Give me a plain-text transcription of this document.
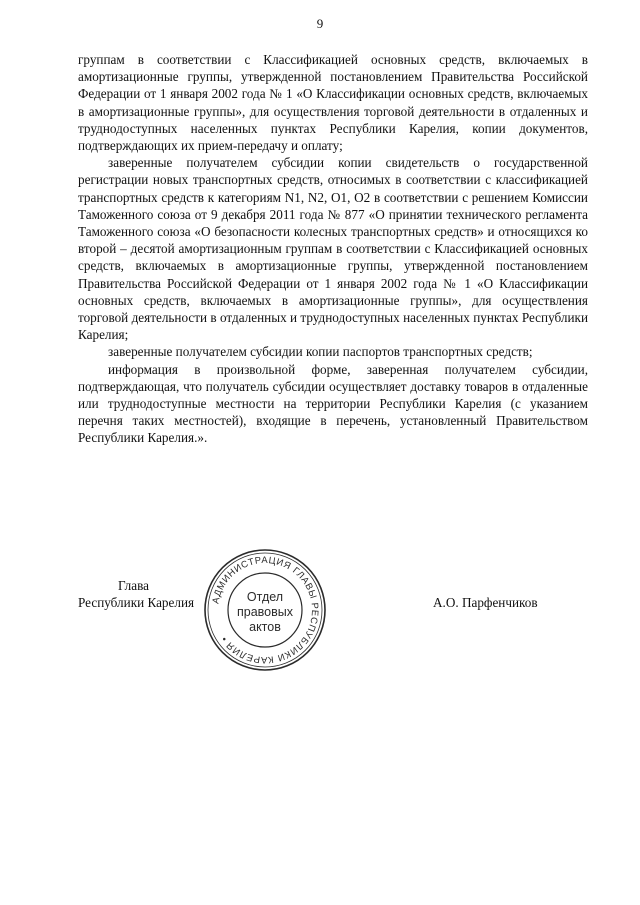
9

группам в соответствии с Классификацией основных средств, включаемых в амортизационные группы, утвержденной постановлением Правительства Российской Федерации от 1 января 2002 года № 1 «О Классификации основных средств, включаемых в амортизационные группы», для осуществления торговой деятельности в отдаленных и труднодоступных населенных пунктах Республики Карелия, копии документов, подтверждающих их прием-передачу и оплату;

заверенные получателем субсидии копии свидетельств о государственной регистрации новых транспортных средств, относимых в соответствии с классификацией транспортных средств к категориям N1, N2, O1, O2 в соответствии с решением Комиссии Таможенного союза от 9 декабря 2011 года № 877 «О принятии технического регламента Таможенного союза «О безопасности колесных транспортных средств» и относящихся ко второй – десятой амортизационным группам в соответствии с Классификацией основных средств, включаемых в амортизационные группы, утвержденной постановлением Правительства Российской Федерации от 1 января 2002 года № 1 «О Классификации основных средств, включаемых в амортизационные группы», для осуществления торговой деятельности в отдаленных и труднодоступных населенных пунктах Республики Карелия;

заверенные получателем субсидии копии паспортов транспортных средств;

информация в произвольной форме, заверенная получателем субсидии, подтверждающая, что получатель субсидии осуществляет доставку товаров в отдаленные или труднодоступные местности на территории Республики Карелия (с указанием перечня таких местностей), входящие в перечень, установленный Правительством Республики Карелия.».

Глава
Республики Карелия	А.О. Парфенчиков
АДМИНИСТРАЦИЯ ГЛАВЫ РЕСПУБЛИКИ КАРЕЛИЯ •
Отдел
правовых
актов
